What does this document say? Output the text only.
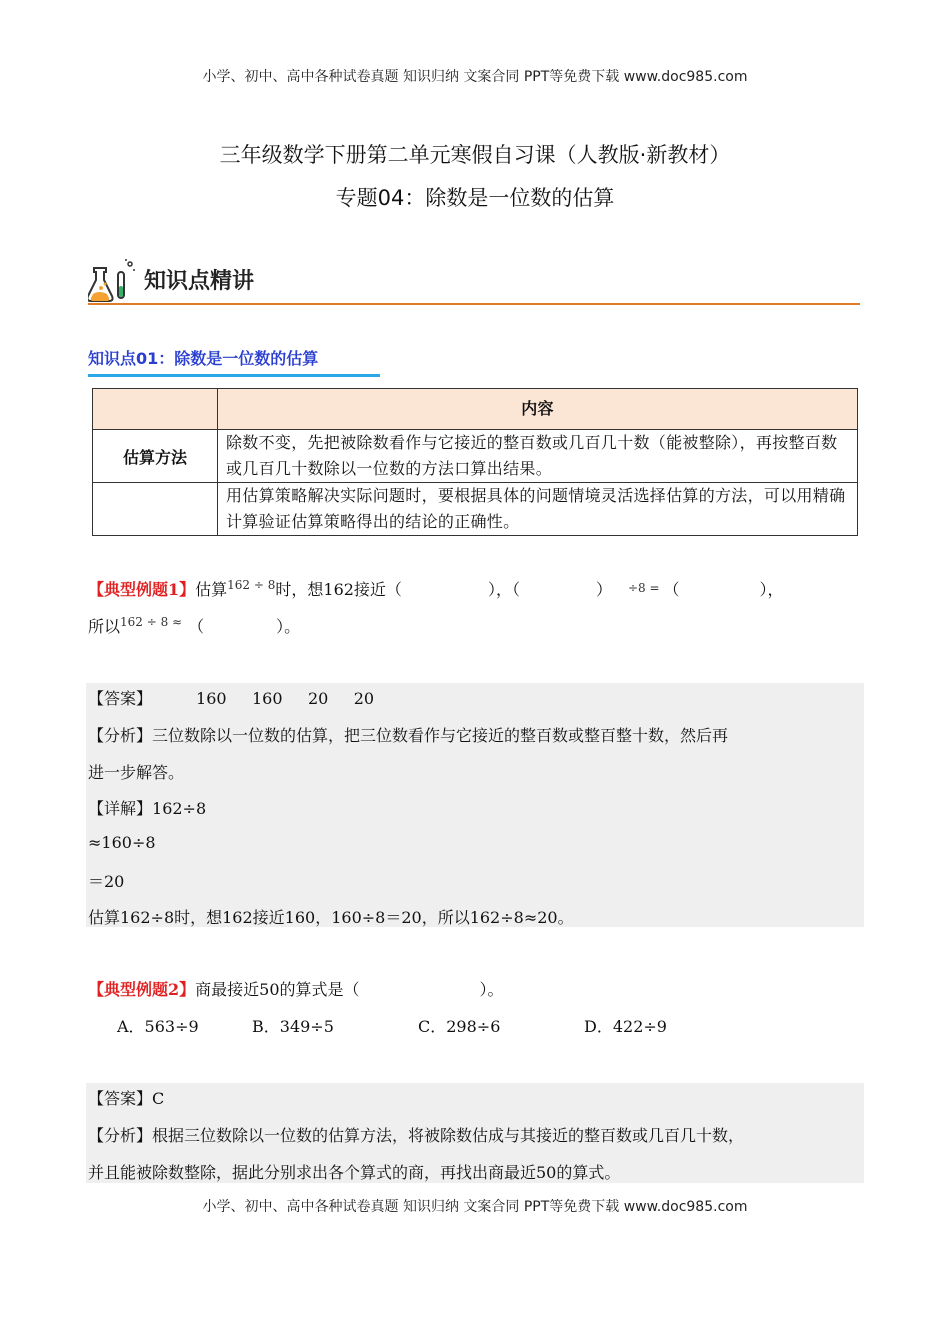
小学、初中、高中各种试卷真题 知识归纳 文案合同 PPT等免费下载 www.doc985.com
三年级数学下册第二单元寒假自习课（人教版·新教材）
专题04：除数是一位数的估算
知识点精讲
知识点01：除数是一位数的估算
	内容
估算方法	除数不变，先把被除数看作与它接近的整百数或几百几十数（能被整除），再按整百数或几百几十数除以一位数的方法口算出结果。
	用估算策略解决实际问题时，要根据具体的问题情境灵活选择估算的方法，可以用精确计算验证估算策略得出的结论的正确性。
【典型例题1】估算$^{162 \div 8}$时，想162接近（	），（	） ÷8 = （	），
所以$^{162 \div 8 \approx}$ （	）。
【答案】	160     160     20     20
【分析】三位数除以一位数的估算，把三位数看作与它接近的整百数或整百整十数，然后再
进一步解答。
【详解】162÷8
≈160÷8
＝20
估算162÷8时，想162接近160，160÷8＝20，所以162÷8≈20。
【典型例题2】商最接近50的算式是（	）。
A．563÷9	B．349÷5	C．298÷6	D．422÷9
【答案】C
【分析】根据三位数除以一位数的估算方法，将被除数估成与其接近的整百数或几百几十数，
并且能被除数整除，据此分别求出各个算式的商，再找出商最近50的算式。
小学、初中、高中各种试卷真题 知识归纳 文案合同 PPT等免费下载 www.doc985.com
